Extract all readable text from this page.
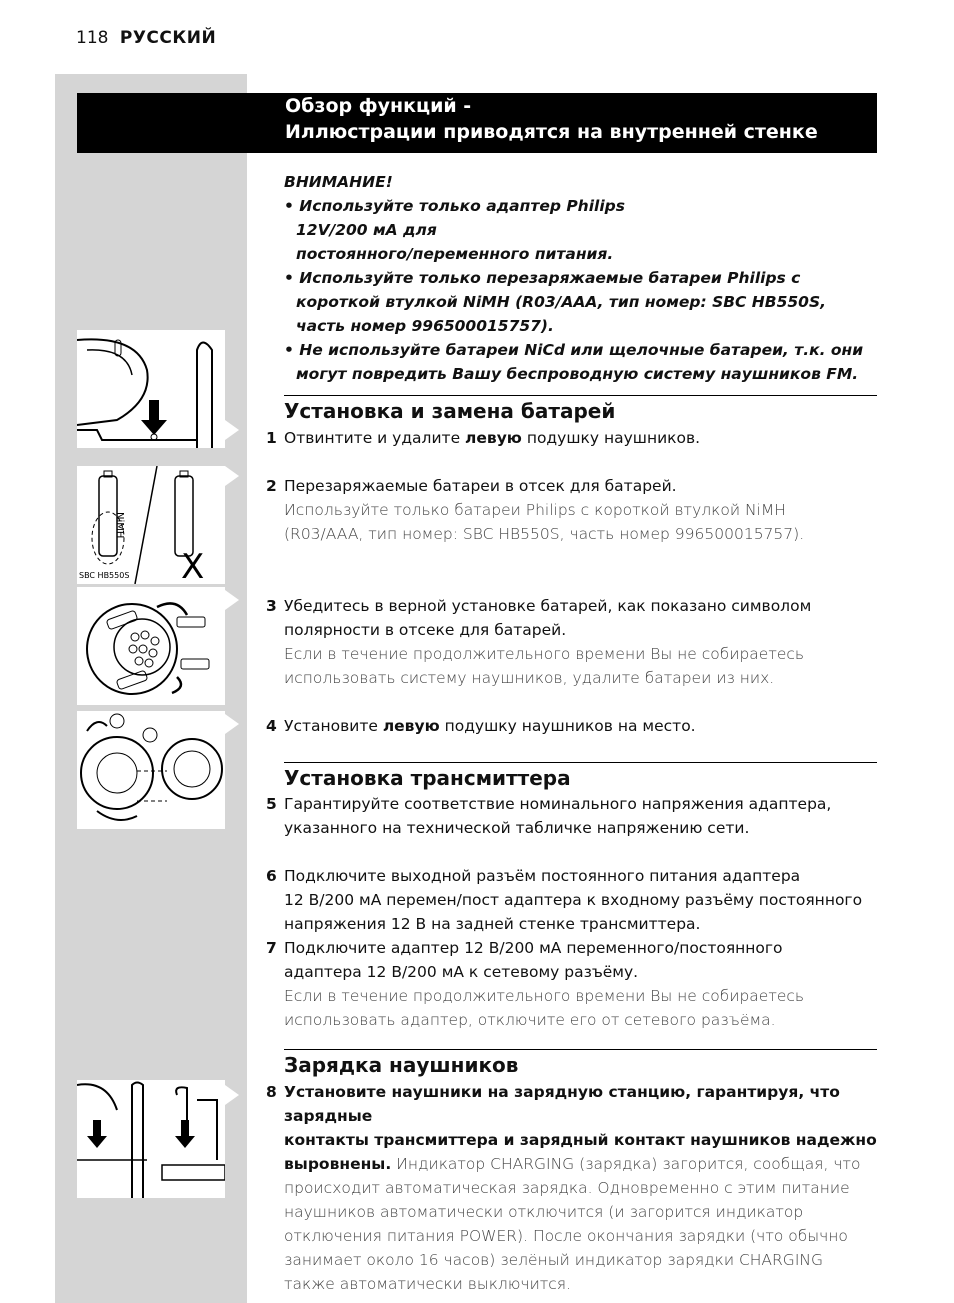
118 РУССКИЙ
Обзор функций -
Иллюстрации приводятся на внутренней стенке
ВНИМАНИЕ!
• Используйте только адаптер Philips
12V/200 мА для
постоянного/переменного питания.
• Используйте только перезаряжаемые батареи Philips с
короткой втулкой NiMH (R03/AAA, тип номер: SBC HB550S,
часть номер 996500015757).
• Не используйте батареи NiCd или щелочные батареи, т.к. они
могут повредить Вашу беспроводную систему наушников FM.
Установка и замена батарей
1 Отвинтите и удалите левую подушку наушников.
2 Перезаряжаемые батареи в отсек для батарей.
Используйте только батареи Philips с короткой втулкой NiMH
(R03/AAA, тип номер: SBC HB550S, часть номер 996500015757).
3 Убедитесь в верной установке батарей, как показано символом
полярности в отсеке для батарей.
Если в течение продолжительного времени Вы не собираетесь
использовать систему наушников, удалите батареи из них.
4 Установите левую подушку наушников на место.
Установка трансмиттера
5 Гарантируйте соответствие номинального напряжения адаптера,
указанного на технической табличке напряжению сети.
6 Подключите выходной разъём постоянного питания адаптера
12 В/200 мА перемен/пост адаптера к входному разъёму постоянного
напряжения 12 В на задней стенке трансмиттера.
7 Подключите адаптер 12 В/200 мА переменного/постоянного
адаптера 12 В/200 мА к сетевому разъёму.
Если в течение продолжительного времени Вы не собираетесь
использовать адаптер, отключите его от сетевого разъёма.
Зарядка наушников
8 Установите наушники на зарядную станцию, гарантируя, что зарядные
контакты трансмиттера и зарядный контакт наушников надежно
выровнены. Индикатор CHARGING (зарядка) загорится, сообщая, что
происходит автоматическая зарядка. Одновременно с этим питание
наушников автоматически отключится (и загорится индикатор
отключения питания POWER). После окончания зарядки (что обычно
занимает около 16 часов) зелёный индикатор зарядки CHARGING
также автоматически выключится.
NiMH
SBC HB550S X
